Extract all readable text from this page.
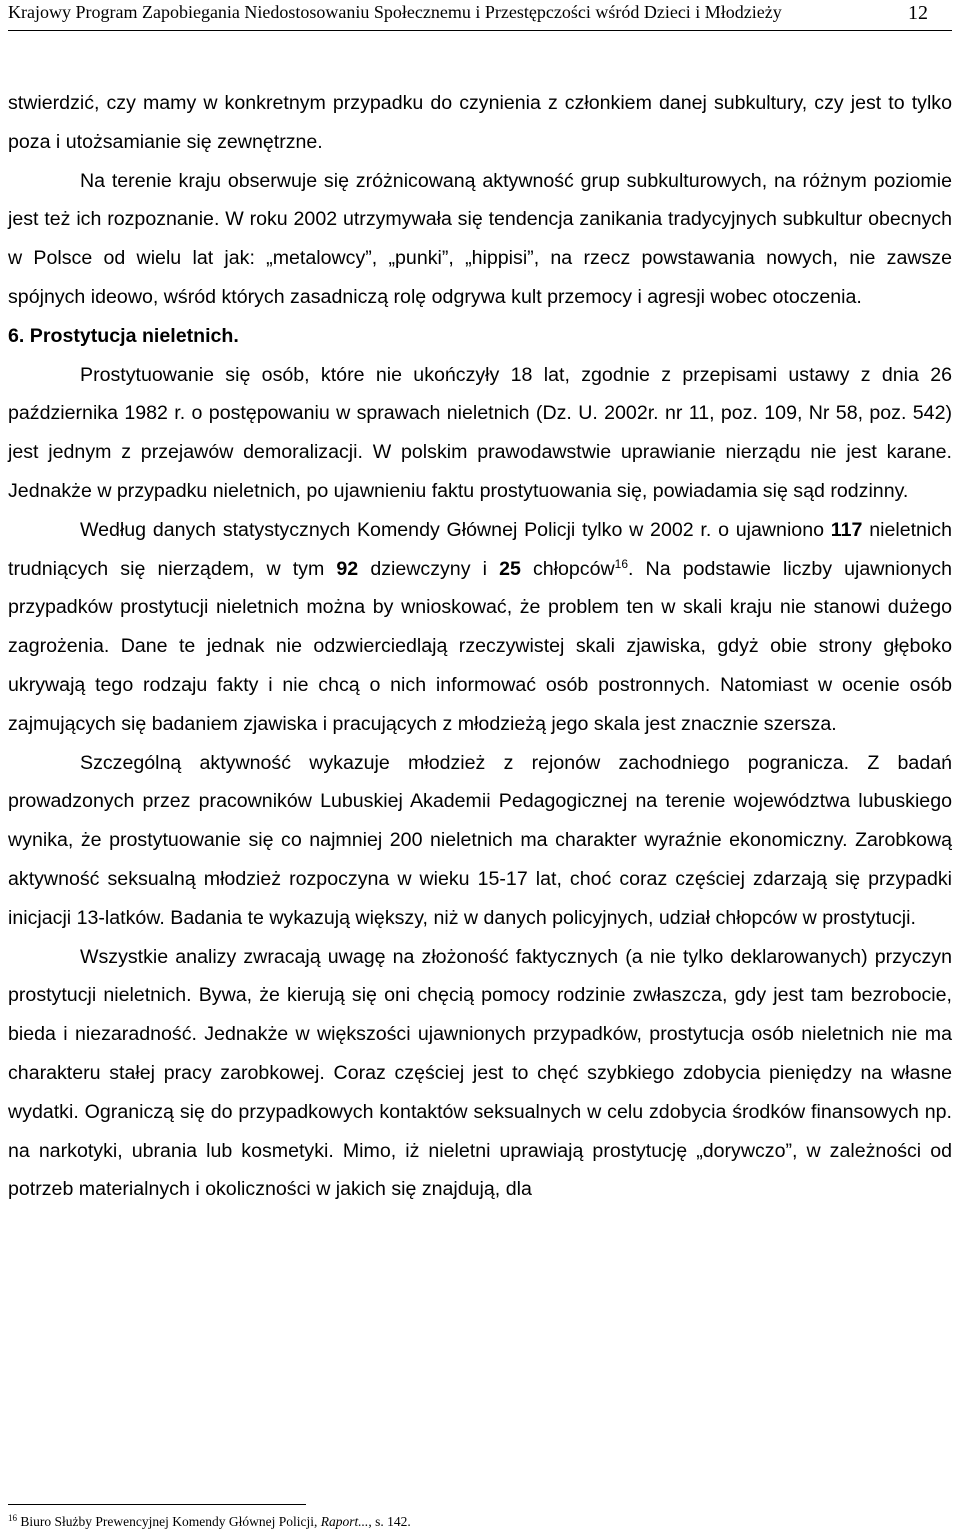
Krajowy Program Zapobiegania Niedostosowaniu Społecznemu i Przestępczości wśród Dzieci i Młodzieży	12

stwierdzić, czy mamy w konkretnym przypadku do czynienia z członkiem danej subkultury, czy jest to tylko poza i utożsamianie się zewnętrzne.

Na terenie kraju obserwuje się zróżnicowaną aktywność grup subkulturowych, na różnym poziomie jest też ich rozpoznanie. W roku 2002 utrzymywała się tendencja zanikania tradycyjnych subkultur obecnych w Polsce od wielu lat jak: „metalowcy”, „punki”, „hippisi”, na rzecz powstawania nowych, nie zawsze spójnych ideowo, wśród których zasadniczą rolę odgrywa kult przemocy i agresji wobec otoczenia.

6. Prostytucja nieletnich.

Prostytuowanie się osób, które nie ukończyły 18 lat, zgodnie z przepisami ustawy z dnia 26 października 1982 r. o postępowaniu w sprawach nieletnich (Dz. U. 2002r. nr 11, poz. 109, Nr 58, poz. 542) jest jednym z przejawów demoralizacji. W polskim prawodawstwie uprawianie nierządu nie jest karane. Jednakże w przypadku nieletnich, po ujawnieniu faktu prostytuowania się, powiadamia się sąd rodzinny.

Według danych statystycznych Komendy Głównej Policji tylko w 2002 r. o ujawniono 117 nieletnich trudniących się nierządem, w tym 92 dziewczyny i 25 chłopców$^{16}$. Na podstawie liczby ujawnionych przypadków prostytucji nieletnich można by wnioskować, że problem ten w skali kraju nie stanowi dużego zagrożenia. Dane te jednak nie odzwierciedlają rzeczywistej skali zjawiska, gdyż obie strony głęboko ukrywają tego rodzaju fakty i nie chcą o nich informować osób postronnych. Natomiast w ocenie osób zajmujących się badaniem zjawiska i pracujących z młodzieżą jego skala jest znacznie szersza.

Szczególną aktywność wykazuje młodzież z rejonów zachodniego pogranicza. Z badań prowadzonych przez pracowników Lubuskiej Akademii Pedagogicznej na terenie województwa lubuskiego wynika, że prostytuowanie się co najmniej 200 nieletnich ma charakter wyraźnie ekonomiczny. Zarobkową aktywność seksualną młodzież rozpoczyna w wieku 15-17 lat, choć coraz częściej zdarzają się przypadki inicjacji 13-latków. Badania te wykazują większy, niż w danych policyjnych, udział chłopców w prostytucji.

Wszystkie analizy zwracają uwagę na złożoność faktycznych (a nie tylko deklarowanych) przyczyn prostytucji nieletnich. Bywa, że kierują się oni chęcią pomocy rodzinie zwłaszcza, gdy jest tam bezrobocie, bieda i niezaradność. Jednakże w większości ujawnionych przypadków, prostytucja osób nieletnich nie ma charakteru stałej pracy zarobkowej. Coraz częściej jest to chęć szybkiego zdobycia pieniędzy na własne wydatki. Ograniczą się do przypadkowych kontaktów seksualnych w celu zdobycia środków finansowych np. na narkotyki, ubrania lub kosmetyki. Mimo, iż nieletni uprawiają prostytucję „dorywczo”, w zależności od potrzeb materialnych i okoliczności w jakich się znajdują, dla

$^{16}$ Biuro Służby Prewencyjnej Komendy Głównej Policji, Raport..., s. 142.
